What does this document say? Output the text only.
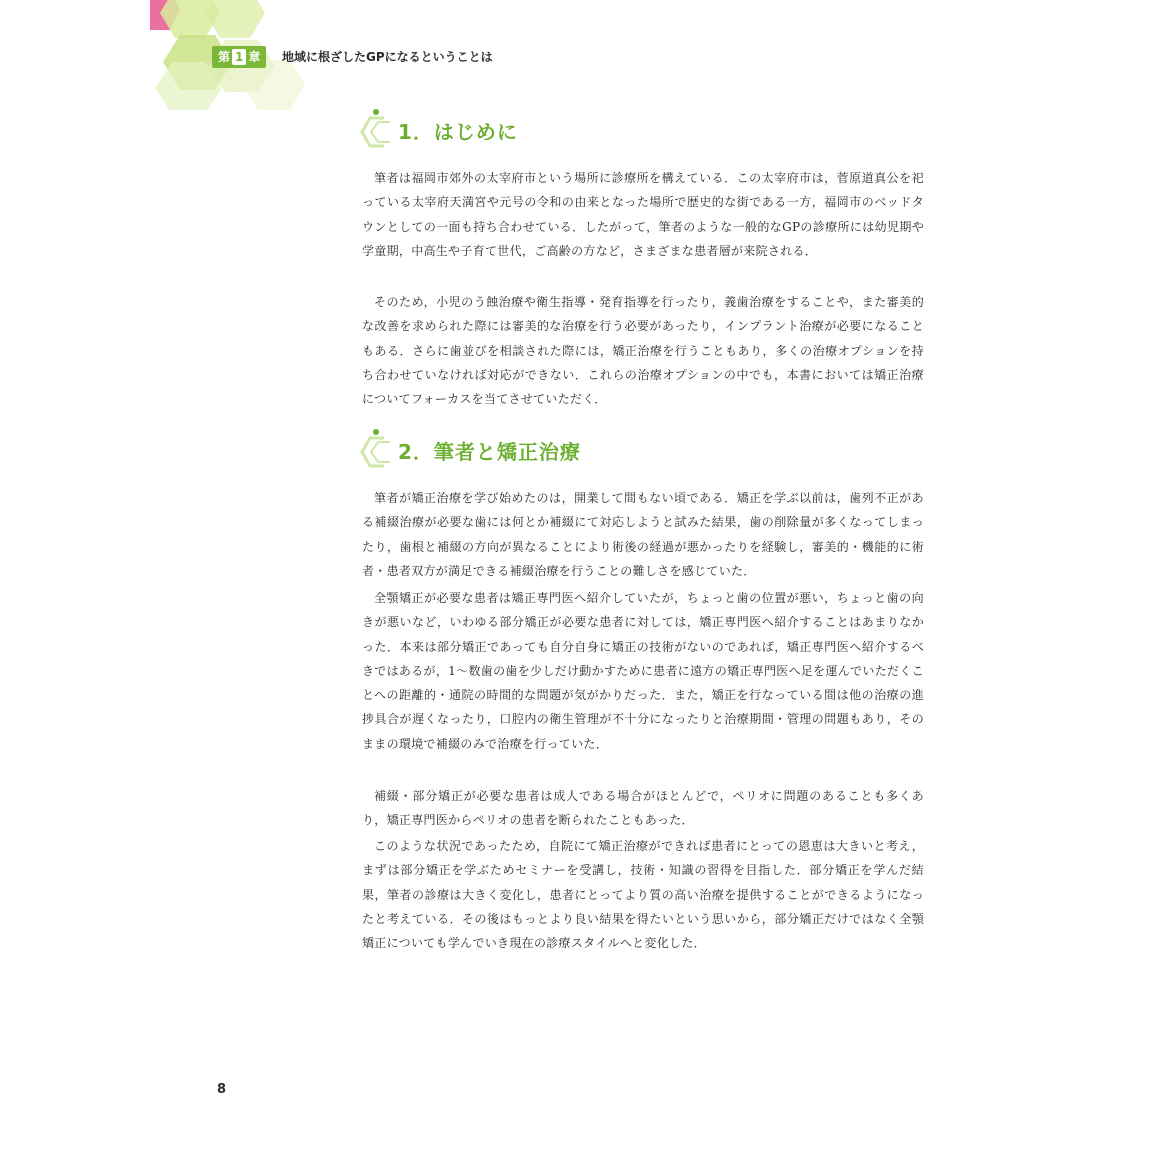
第 1 章	地域に根ざしたGPになるということは
1．はじめに

筆者は福岡市郊外の太宰府市という場所に診療所を構えている．この太宰府市は，菅原道真公を祀っている太宰府天満宮や元号の令和の由来となった場所で歴史的な街である一方，福岡市のベッドタウンとしての一面も持ち合わせている．したがって，筆者のような一般的なGPの診療所には幼児期や学童期，中高生や子育て世代，ご高齢の方など，さまざまな患者層が来院される．

そのため，小児のう蝕治療や衛生指導・発育指導を行ったり，義歯治療をすることや，また審美的な改善を求められた際には審美的な治療を行う必要があったり，インプラント治療が必要になることもある．さらに歯並びを相談された際には，矯正治療を行うこともあり，多くの治療オプションを持ち合わせていなければ対応ができない．これらの治療オプションの中でも，本書においては矯正治療についてフォーカスを当てさせていただく．

2．筆者と矯正治療

筆者が矯正治療を学び始めたのは，開業して間もない頃である．矯正を学ぶ以前は，歯列不正がある補綴治療が必要な歯には何とか補綴にて対応しようと試みた結果，歯の削除量が多くなってしまったり，歯根と補綴の方向が異なることにより術後の経過が悪かったりを経験し，審美的・機能的に術者・患者双方が満足できる補綴治療を行うことの難しさを感じていた．

全顎矯正が必要な患者は矯正専門医へ紹介していたが，ちょっと歯の位置が悪い，ちょっと歯の向きが悪いなど，いわゆる部分矯正が必要な患者に対しては，矯正専門医へ紹介することはあまりなかった．本来は部分矯正であっても自分自身に矯正の技術がないのであれば，矯正専門医へ紹介するべきではあるが，1〜数歯の歯を少しだけ動かすために患者に遠方の矯正専門医へ足を運んでいただくことへの距離的・通院の時間的な問題が気がかりだった．また，矯正を行なっている間は他の治療の進捗具合が遅くなったり，口腔内の衛生管理が不十分になったりと治療期間・管理の問題もあり，そのままの環境で補綴のみで治療を行っていた．

補綴・部分矯正が必要な患者は成人である場合がほとんどで，ペリオに問題のあることも多くあり，矯正専門医からペリオの患者を断られたこともあった．

このような状況であったため，自院にて矯正治療ができれば患者にとっての恩恵は大きいと考え，まずは部分矯正を学ぶためセミナーを受講し，技術・知識の習得を目指した．部分矯正を学んだ結果，筆者の診療は大きく変化し，患者にとってより質の高い治療を提供することができるようになったと考えている．その後はもっとより良い結果を得たいという思いから，部分矯正だけではなく全顎矯正についても学んでいき現在の診療スタイルへと変化した．

8
